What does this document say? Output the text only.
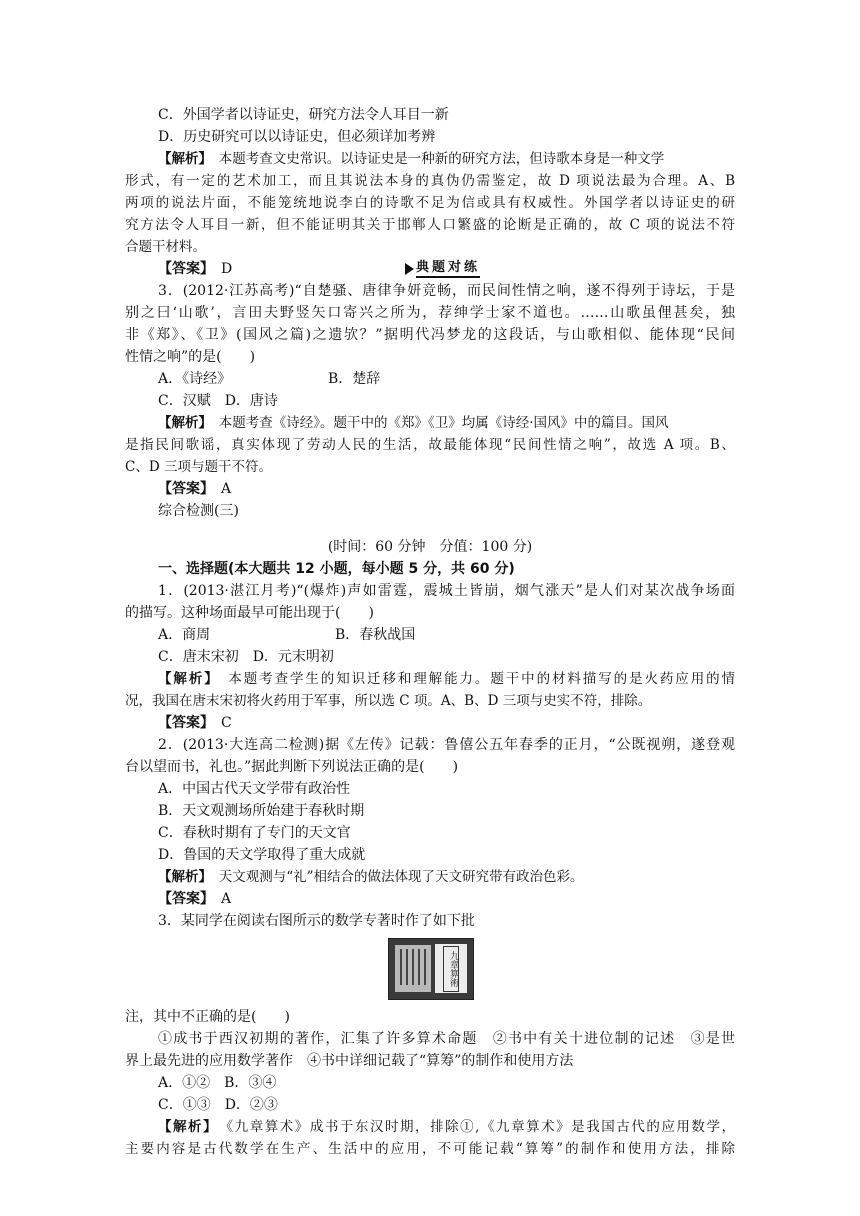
C．外国学者以诗证史，研究方法令人耳目一新
D．历史研究可以以诗证史，但必须详加考辨
【解析】　 本题考查文史常识。以诗证史是一种新的研究方法，但诗歌本身是一种文学
形式，有一定的艺术加工，而且其说法本身的真伪仍需鉴定，故 D 项说法最为合理。A、B
两项的说法片面，不能笼统地说李白的诗歌不足为信或具有权威性。外国学者以诗证史的研
究方法令人耳目一新，但不能证明其关于邯郸人口繁盛的论断是正确的，故 C 项的说法不符
合题干材料。
【答案】　 D	典题对练
3．(2012·江苏高考)“自楚骚、唐律争妍竞畅，而民间性情之响，遂不得列于诗坛，于是
别之曰‘山歌’，言田夫野竖矢口寄兴之所为，荐绅学士家不道也。……山歌虽俚甚矣，独
非《郑》、《卫》(国风之篇)之遗欤？”据明代冯梦龙的这段话，与山歌相似、能体现“民间
性情之响”的是(　　)
A．《诗经》	B．楚辞
C．汉赋　D．唐诗
【解析】　 本题考查《诗经》。题干中的《郑》《卫》均属《诗经·国风》中的篇目。国风
是指民间歌谣，真实体现了劳动人民的生活，故最能体现“民间性情之响”，故选 A 项。B、
C、D 三项与题干不符。
【答案】　 A
综合检测(三)
(时间：60 分钟　分值：100 分)
一、选择题(本大题共 12 小题，每小题 5 分，共 60 分)
1．(2013·湛江月考)“(爆炸)声如雷霆，震城土皆崩，烟气涨天”是人们对某次战争场面
的描写。这种场面最早可能出现于(　　)
A．商周	B．春秋战国
C．唐末宋初　D．元末明初
【解析】　 本题考查学生的知识迁移和理解能力。题干中的材料描写的是火药应用的情
况，我国在唐末宋初将火药用于军事，所以选 C 项。A、B、D 三项与史实不符，排除。
【答案】　 C
2．(2013·大连高二检测)据《左传》记载：鲁僖公五年春季的正月，“公既视朔，遂登观
台以望而书，礼也。”据此判断下列说法正确的是(　　)
A．中国古代天文学带有政治性
B．天文观测场所始建于春秋时期
C．春秋时期有了专门的天文官
D．鲁国的天文学取得了重大成就
【解析】　 天文观测与“礼”相结合的做法体现了天文研究带有政治色彩。
【答案】　 A
3．某同学在阅读右图所示的数学专著时作了如下批
九章算術
注，其中不正确的是(　　)
①成书于西汉初期的著作，汇集了许多算术命题　②书中有关十进位制的记述　③是世
界上最先进的应用数学著作　④书中详细记载了“算筹”的制作和使用方法
A．①②　B．③④
C．①③　D．②③
【解析】　 《九章算术》成书于东汉时期，排除①,《九章算术》是我国古代的应用数学，
主要内容是古代数学在生产、生活中的应用，不可能记载“算筹”的制作和使用方法，排除
